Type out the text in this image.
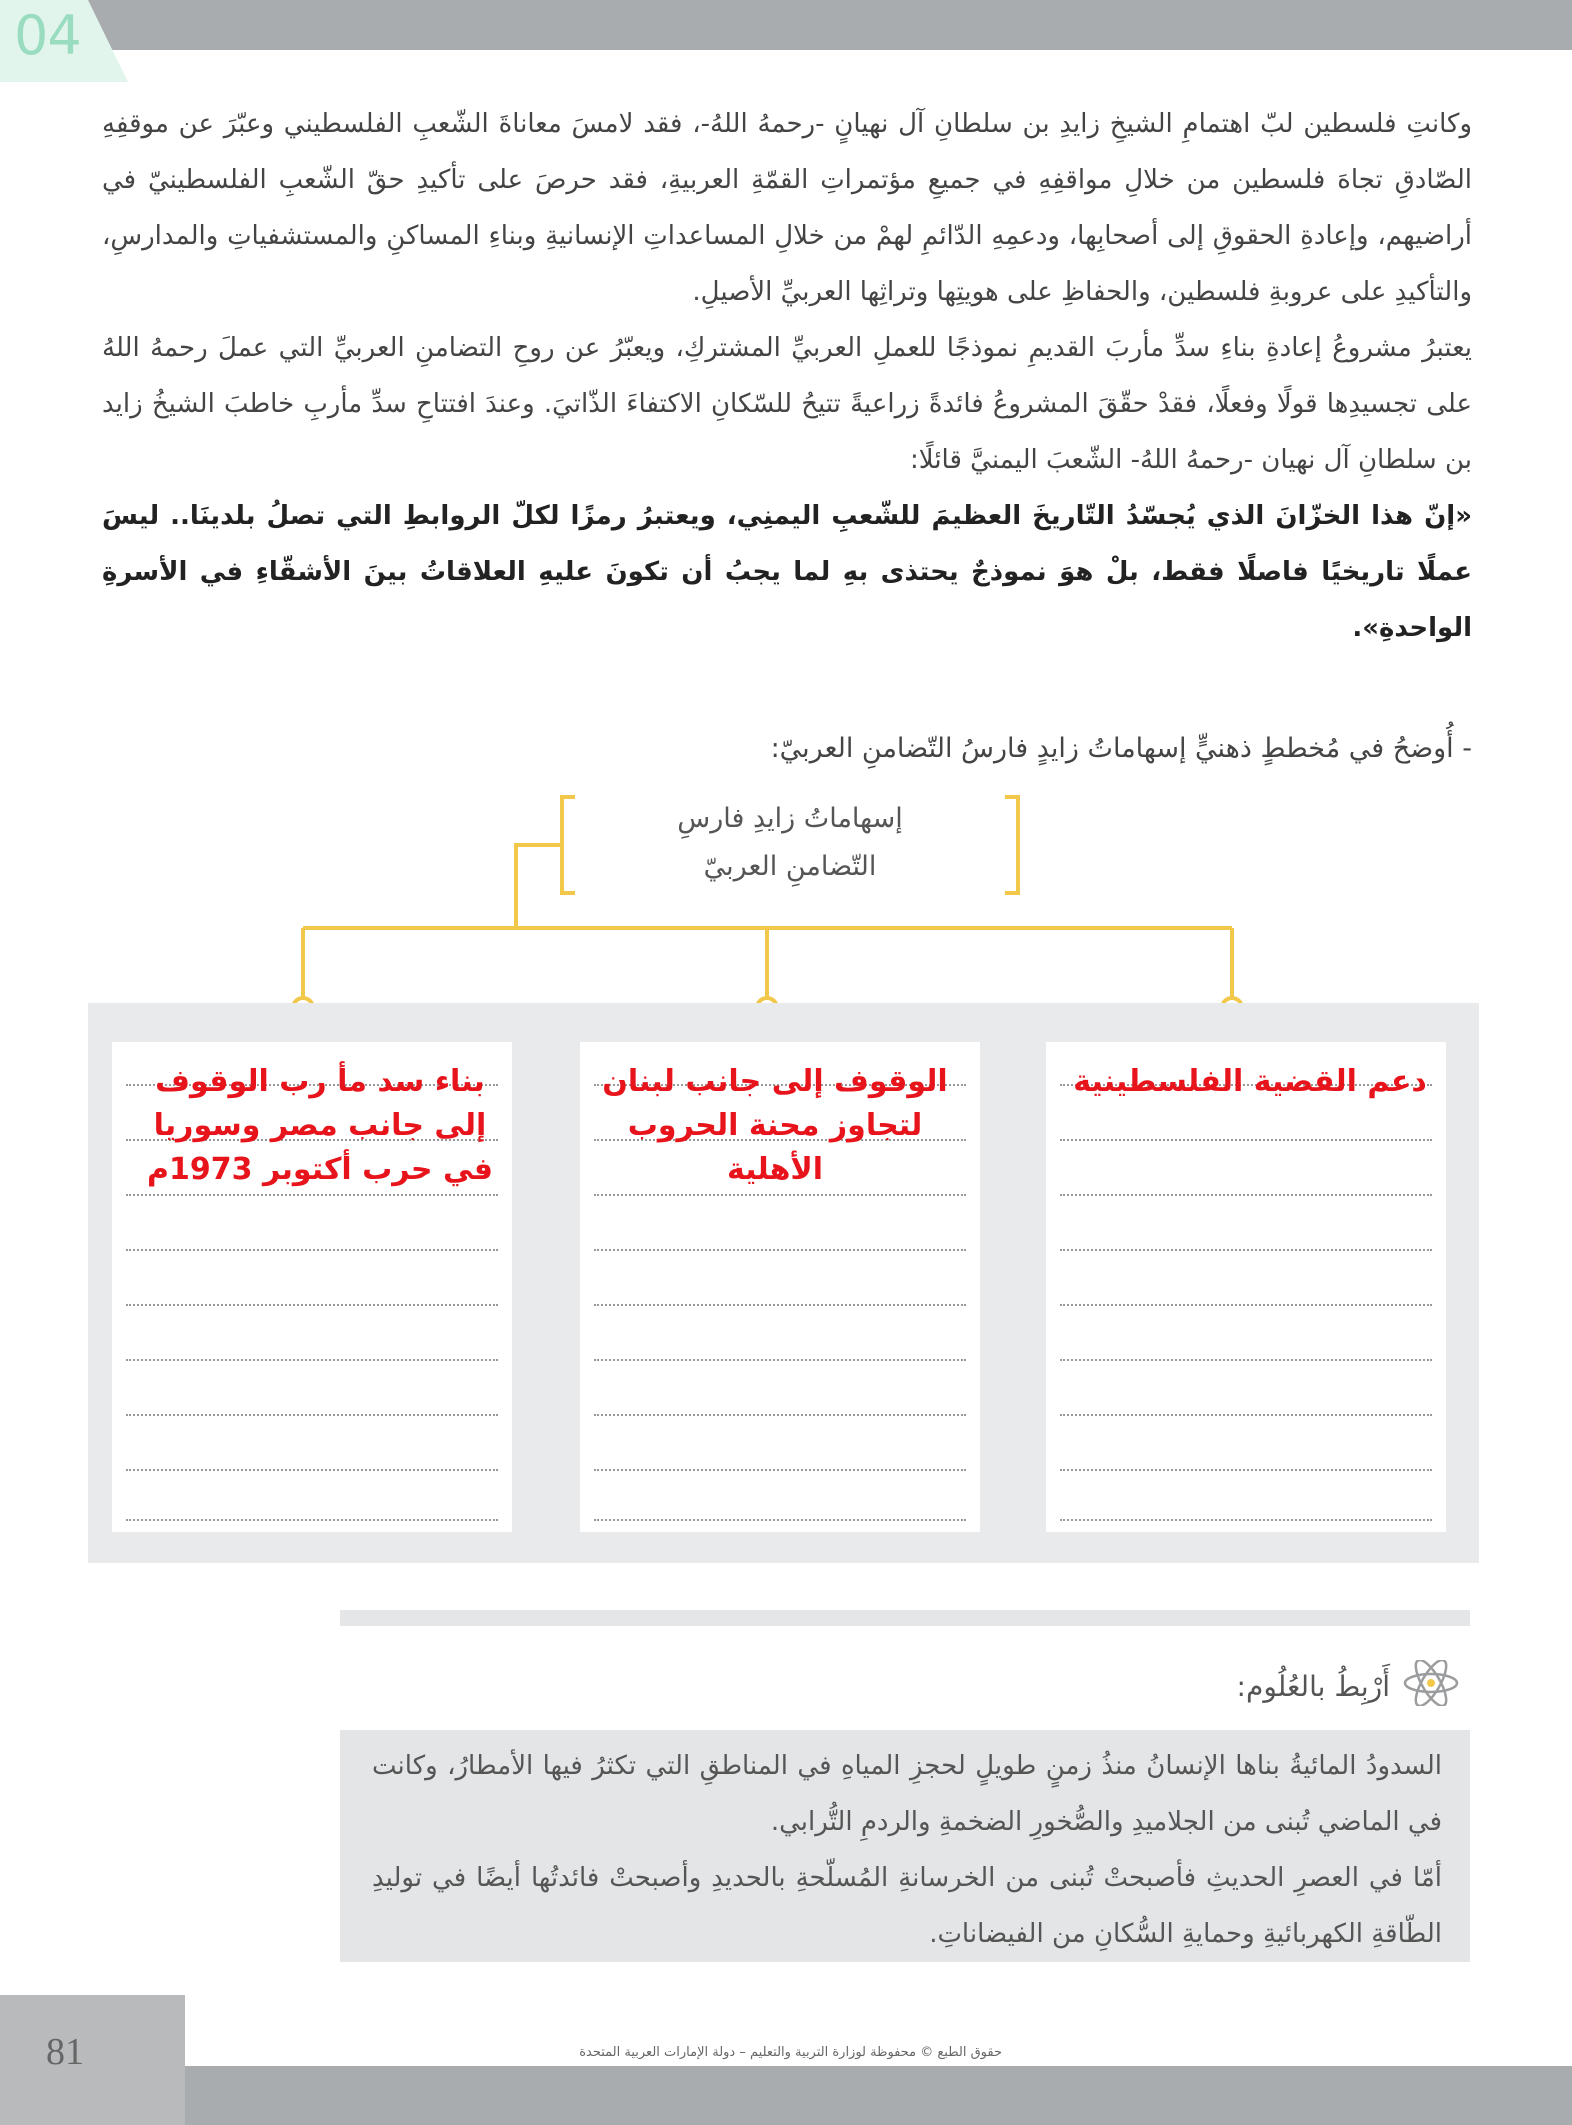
04

وكانتِ فلسطين لبّ اهتمامِ الشيخِ زايدِ بن سلطانِ آل نهيانٍ -رحمهُ اللهُ-، فقد لامسَ معاناةَ الشّعبِ الفلسطيني وعبّرَ عن موقفِهِ الصّادقِ تجاهَ فلسطين من خلالِ مواقفِهِ في جميعِ مؤتمراتِ القمّةِ العربيةِ، فقد حرصَ على تأكيدِ حقّ الشّعبِ الفلسطينيّ في أراضيهم، وإعادةِ الحقوقِ إلى أصحابِها، ودعمِهِ الدّائمِ لهمْ من خلالِ المساعداتِ الإنسانيةِ وبناءِ المساكنِ والمستشفياتِ والمدارسِ، والتأكيدِ على عروبةِ فلسطين، والحفاظِ على هويتِها وتراثِها العربيِّ الأصيلِ.

يعتبرُ مشروعُ إعادةِ بناءِ سدِّ مأربَ القديمِ نموذجًا للعملِ العربيِّ المشتركِ، ويعبّرُ عن روحِ التضامنِ العربيِّ التي عملَ رحمهُ اللهُ على تجسيدِها قولًا وفعلًا، فقدْ حقّقَ المشروعُ فائدةً زراعيةً تتيحُ للسّكانِ الاكتفاءَ الذّاتيَ. وعندَ افتتاحِ سدِّ مأربِ خاطبَ الشيخُ زايد بن سلطانِ آل نهيان -رحمهُ اللهُ- الشّعبَ اليمنيَّ قائلًا:

«إنّ هذا الخزّانَ الذي يُجسّدُ التّاريخَ العظيمَ للشّعبِ اليمنِي، ويعتبرُ رمزًا لكلّ الروابطِ التي تصلُ بلدينَا.. ليسَ عملًا تاريخيًا فاصلًا فقط، بلْ هوَ نموذجٌ يحتذى بهِ لما يجبُ أن تكونَ عليهِ العلاقاتُ بينَ الأشقّاءِ في الأسرةِ الواحدةِ».

- أُوضحُ في مُخططٍ ذهنيٍّ إسهاماتُ زايدٍ فارسُ التّضامنِ العربيّ:
إسهاماتُ زايدِ فارسِ
التّضامنِ العربيّ
دعم القضية الفلسطينية
الوقوف إلى جانب لبنان لتجاوز محنة الحروب الأهلية
بناء سد مأ رب الوقوف إلى جانب مصر وسوريا في حرب أكتوبر 1973م
أَرْبِطُ بالعُلُوم:

السدودُ المائيةُ بناها الإنسانُ منذُ زمنٍ طويلٍ لحجزِ المياهِ في المناطقِ التي تكثرُ فيها الأمطارُ، وكانت في الماضي تُبنى من الجلاميدِ والصُّخورِ الضخمةِ والردمِ التُّرابي.

أمّا في العصرِ الحديثِ فأصبحتْ تُبنى من الخرسانةِ المُسلّحةِ بالحديدِ وأصبحتْ فائدتُها أيضًا في توليدِ الطّاقةِ الكهربائيةِ وحمايةِ السُّكانِ من الفيضاناتِ.

81	حقوق الطبع © محفوظة لوزارة التربية والتعليم – دولة الإمارات العربية المتحدة
